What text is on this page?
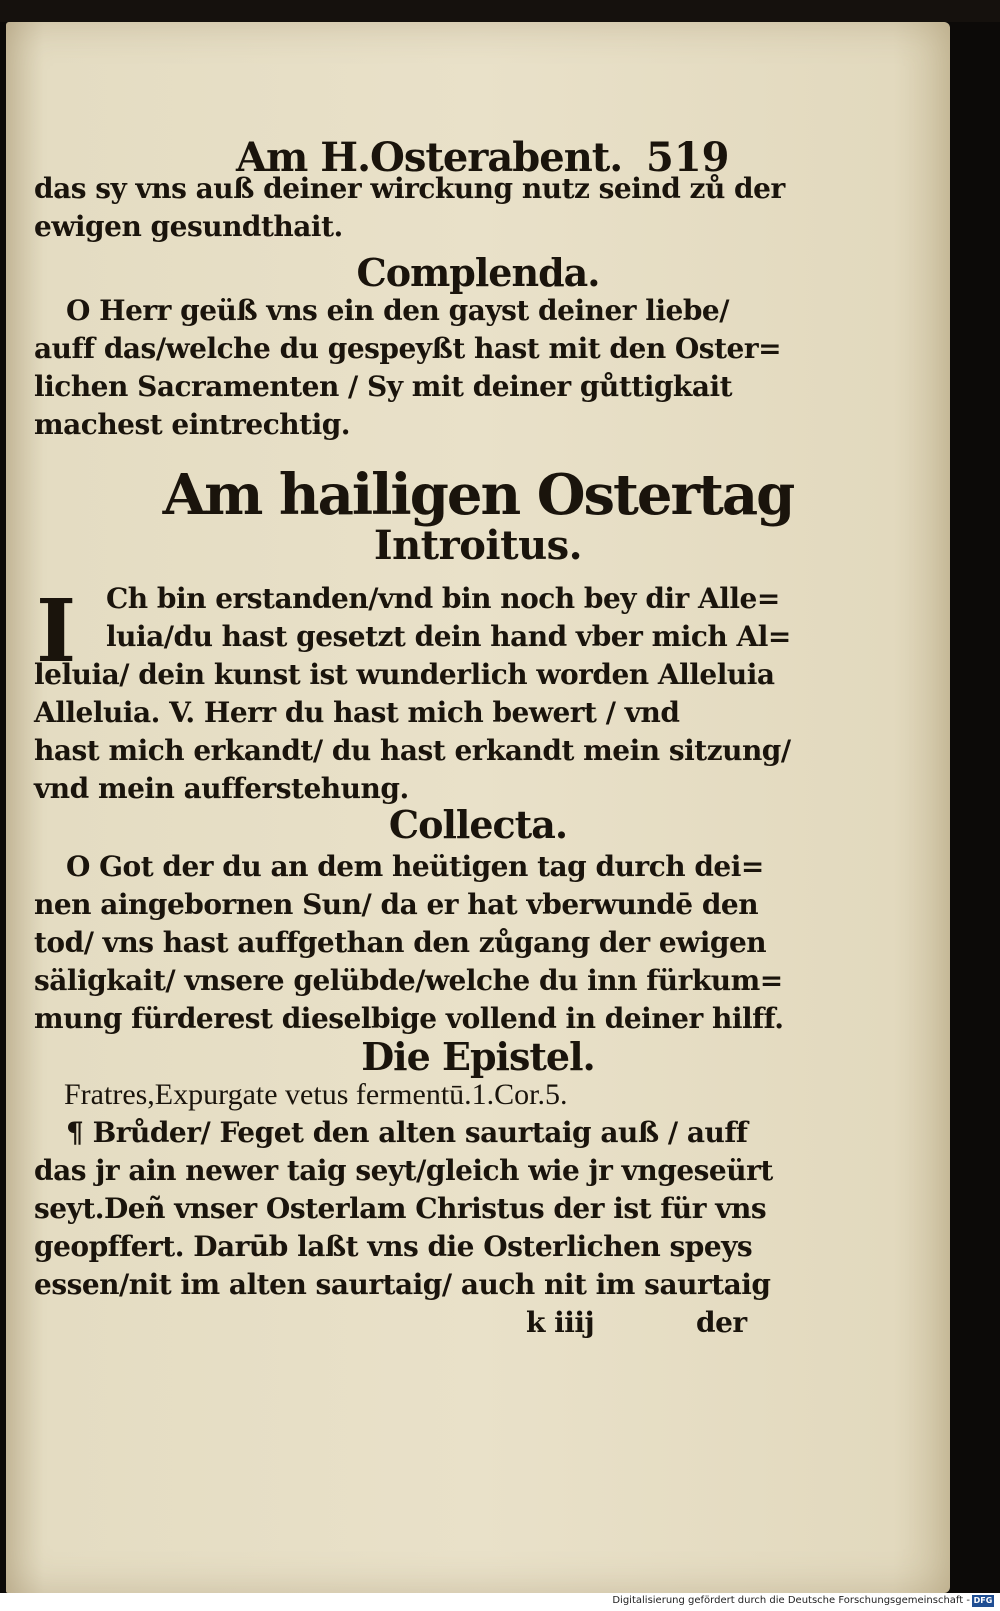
Am H.Osterabent. 519
das sy vns auß deiner wirckung nutz seind zů der
ewigen gesundthait.
Complenda.
O Herr geüß vns ein den gayst deiner liebe/
auff das/welche du gespeyßt hast mit den Oster=
lichen Sacramenten / Sy mit deiner gůttigkait
machest eintrechtig.
Am hailigen Ostertag
Introitus.
I	Ch bin erstanden/vnd bin noch bey dir Alle=
luia/du hast gesetzt dein hand vber mich Al=
leluia/ dein kunst ist wunderlich worden Alleluia
Alleluia. V. Herr du hast mich bewert / vnd
hast mich erkandt/ du hast erkandt mein sitzung/
vnd mein aufferstehung.
Collecta.
O Got der du an dem heütigen tag durch dei=
nen aingebornen Sun/ da er hat vberwundē den
tod/ vns hast auffgethan den zůgang der ewigen
säligkait/ vnsere gelübde/welche du inn fürkum=
mung fürderest dieselbige vollend in deiner hilff.
Die Epistel.
Fratres,Expurgate vetus fermentū.1.Cor.5.
¶ Brůder/ Feget den alten saurtaig auß / auff
das jr ain newer taig seyt/gleich wie jr vngeseürt
seyt.Deñ vnser Osterlam Christus der ist für vns
geopffert. Darūb laßt vns die Osterlichen speys
essen/nit im alten saurtaig/ auch nit im saurtaig
k iiij	der
Digitalisierung gefördert durch die Deutsche Forschungsgemeinschaft - DFG
